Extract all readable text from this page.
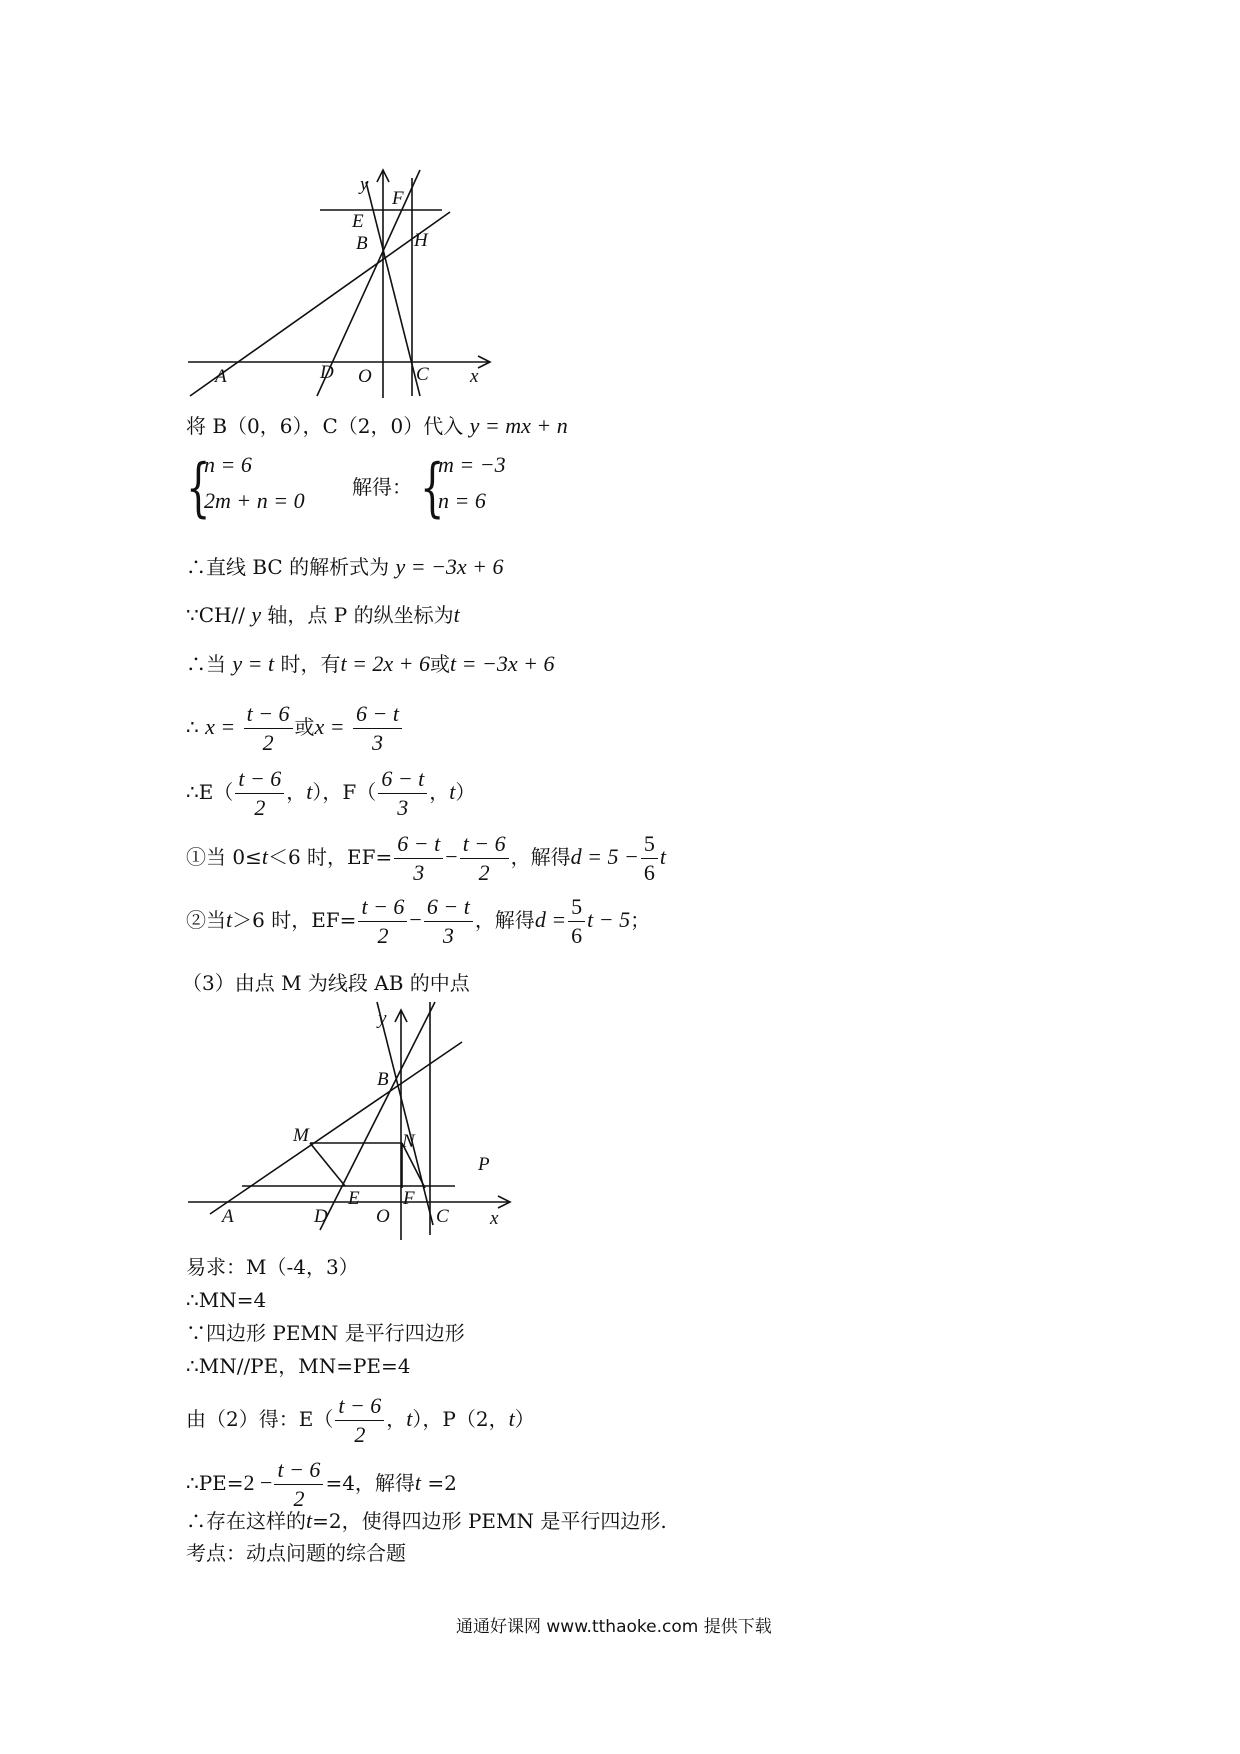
y
F
E
B H
A	D O C x
将 B（0，6），C（2，0）代入 y = mx + n
{
n = 6
2m + n = 0
解得： {
m = −3
n = 6
∴直线 BC 的解析式为 y = −3x + 6
∵CH// y 轴，点 P 的纵坐标为t
∴当 y = t 时，有t = 2x + 6或t = −3x + 6
∴ $x = \frac{t - 6}{2}$ 或$x = \frac{6 - t}{3}$
∴E（ $\frac{t - 6}{2}$ ，t），$F( \frac{6 - t}{3}$ ，t）
①当 0≤t＜6 时，$EF= \frac{6 - t}{3} - \frac{t - 6}{2}$ ，解得$d = 5 - \frac{5}{6}$ t
②当t＞6 时，$EF= \frac{t - 6}{2} - \frac{6 - t}{3}$ ，解得$d = \frac{5}{6}$ t − 5；
（3）由点 M 为线段 AB 的中点
y
B
M	N
P
A	D
E
O
F
C x
易求：M（-4，3）
∴MN=4
∵四边形 PEMN 是平行四边形
∴MN//PE，MN=PE=4
由（2）得：$E( \frac{t - 6}{2}$ ，t），P（2，t）
∴PE=2 − $\frac{t - 6}{2} =4$，解得t =2
∴存在这样的t=2，使得四边形 PEMN 是平行四边形.
考点：动点问题的综合题
通通好课网 www.tthaoke.com 提供下载
